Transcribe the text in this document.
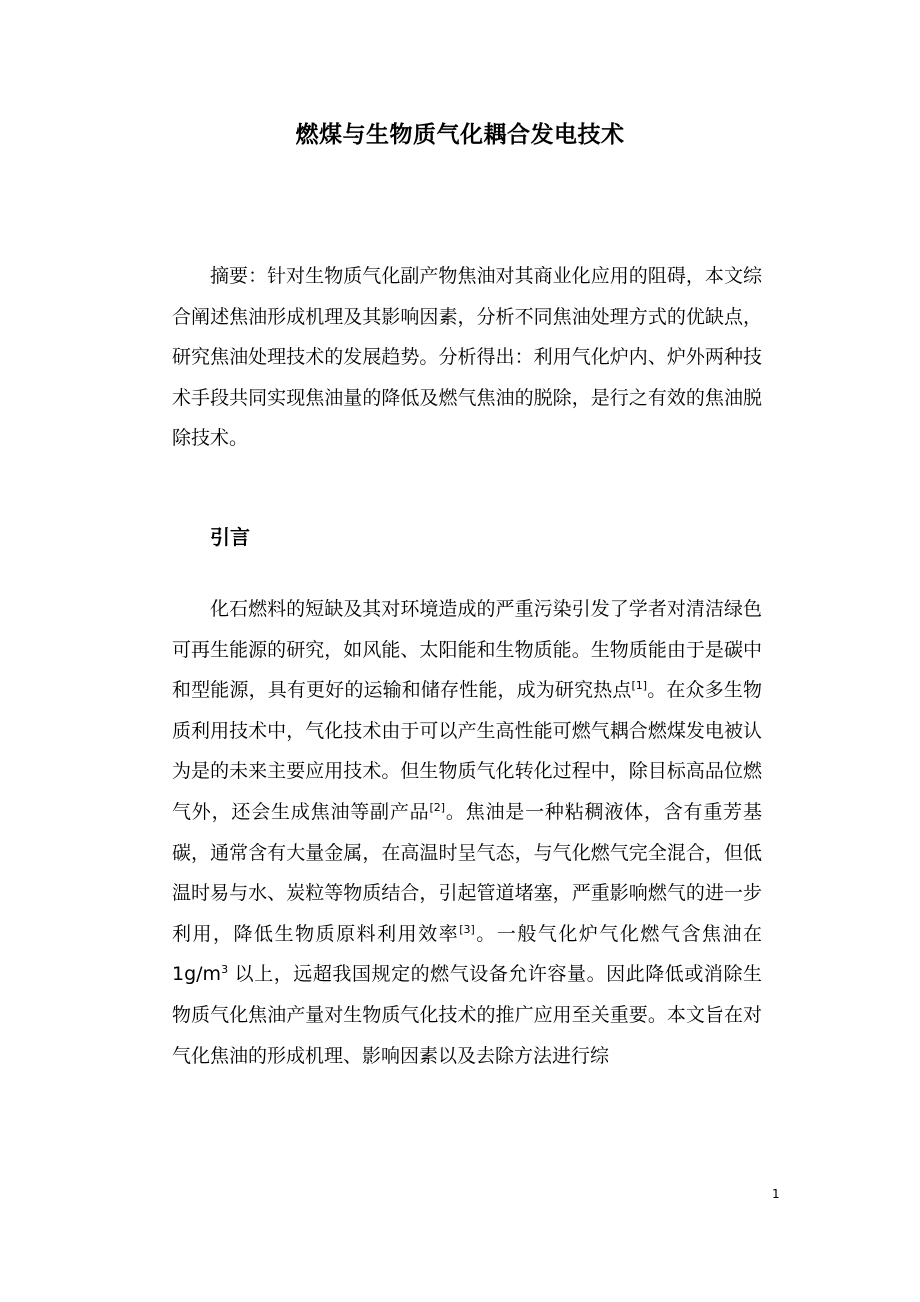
燃煤与生物质气化耦合发电技术

摘要：针对生物质气化副产物焦油对其商业化应用的阻碍，本文综合阐述焦油形成机理及其影响因素，分析不同焦油处理方式的优缺点，研究焦油处理技术的发展趋势。分析得出：利用气化炉内、炉外两种技术手段共同实现焦油量的降低及燃气焦油的脱除，是行之有效的焦油脱除技术。

引言

化石燃料的短缺及其对环境造成的严重污染引发了学者对清洁绿色可再生能源的研究，如风能、太阳能和生物质能。生物质能由于是碳中和型能源，具有更好的运输和储存性能，成为研究热点[1]。在众多生物质利用技术中，气化技术由于可以产生高性能可燃气耦合燃煤发电被认为是的未来主要应用技术。但生物质气化转化过程中，除目标高品位燃气外，还会生成焦油等副产品[2]。焦油是一种粘稠液体，含有重芳基碳，通常含有大量金属，在高温时呈气态，与气化燃气完全混合，但低温时易与水、炭粒等物质结合，引起管道堵塞，严重影响燃气的进一步利用，降低生物质原料利用效率[3]。一般气化炉气化燃气含焦油在 $1g/m^3$ 以上，远超我国规定的燃气设备允许容量。因此降低或消除生物质气化焦油产量对生物质气化技术的推广应用至关重要。本文旨在对气化焦油的形成机理、影响因素以及去除方法进行综

1
